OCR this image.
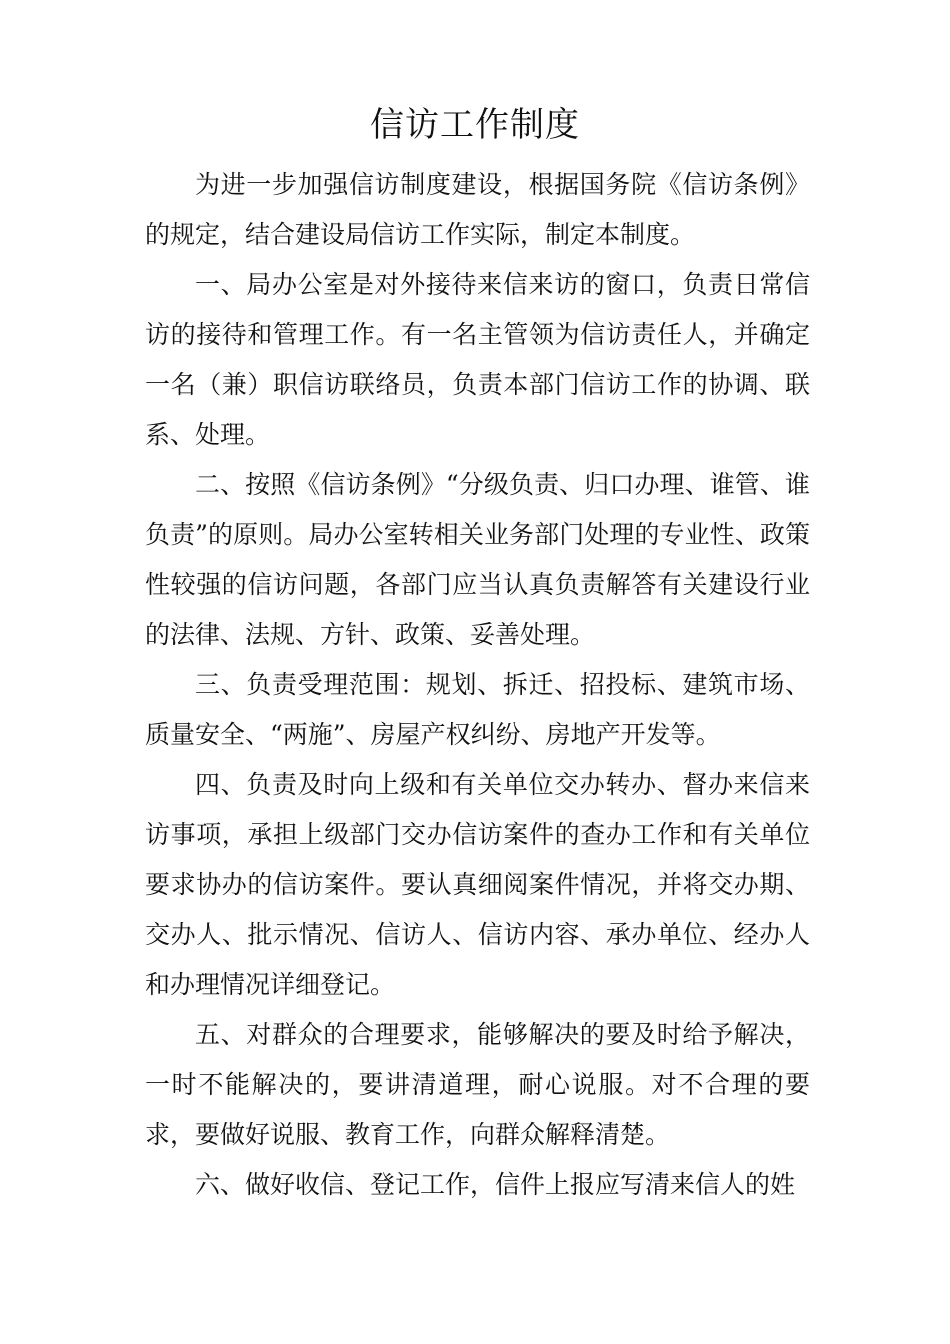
信访工作制度

为进一步加强信访制度建设，根据国务院《信访条例》的规定，结合建设局信访工作实际，制定本制度。

一、局办公室是对外接待来信来访的窗口，负责日常信访的接待和管理工作。有一名主管领为信访责任人，并确定一名（兼）职信访联络员，负责本部门信访工作的协调、联系、处理。

二、按照《信访条例》“分级负责、归口办理、谁管、谁负责”的原则。局办公室转相关业务部门处理的专业性、政策性较强的信访问题，各部门应当认真负责解答有关建设行业的法律、法规、方针、政策、妥善处理。

三、负责受理范围：规划、拆迁、招投标、建筑市场、质量安全、“两施”、房屋产权纠纷、房地产开发等。

四、负责及时向上级和有关单位交办转办、督办来信来访事项，承担上级部门交办信访案件的查办工作和有关单位要求协办的信访案件。要认真细阅案件情况，并将交办期、交办人、批示情况、信访人、信访内容、承办单位、经办人和办理情况详细登记。

五、对群众的合理要求，能够解决的要及时给予解决，一时不能解决的，要讲清道理，耐心说服。对不合理的要求，要做好说服、教育工作，向群众解释清楚。

六、做好收信、登记工作，信件上报应写清来信人的姓
